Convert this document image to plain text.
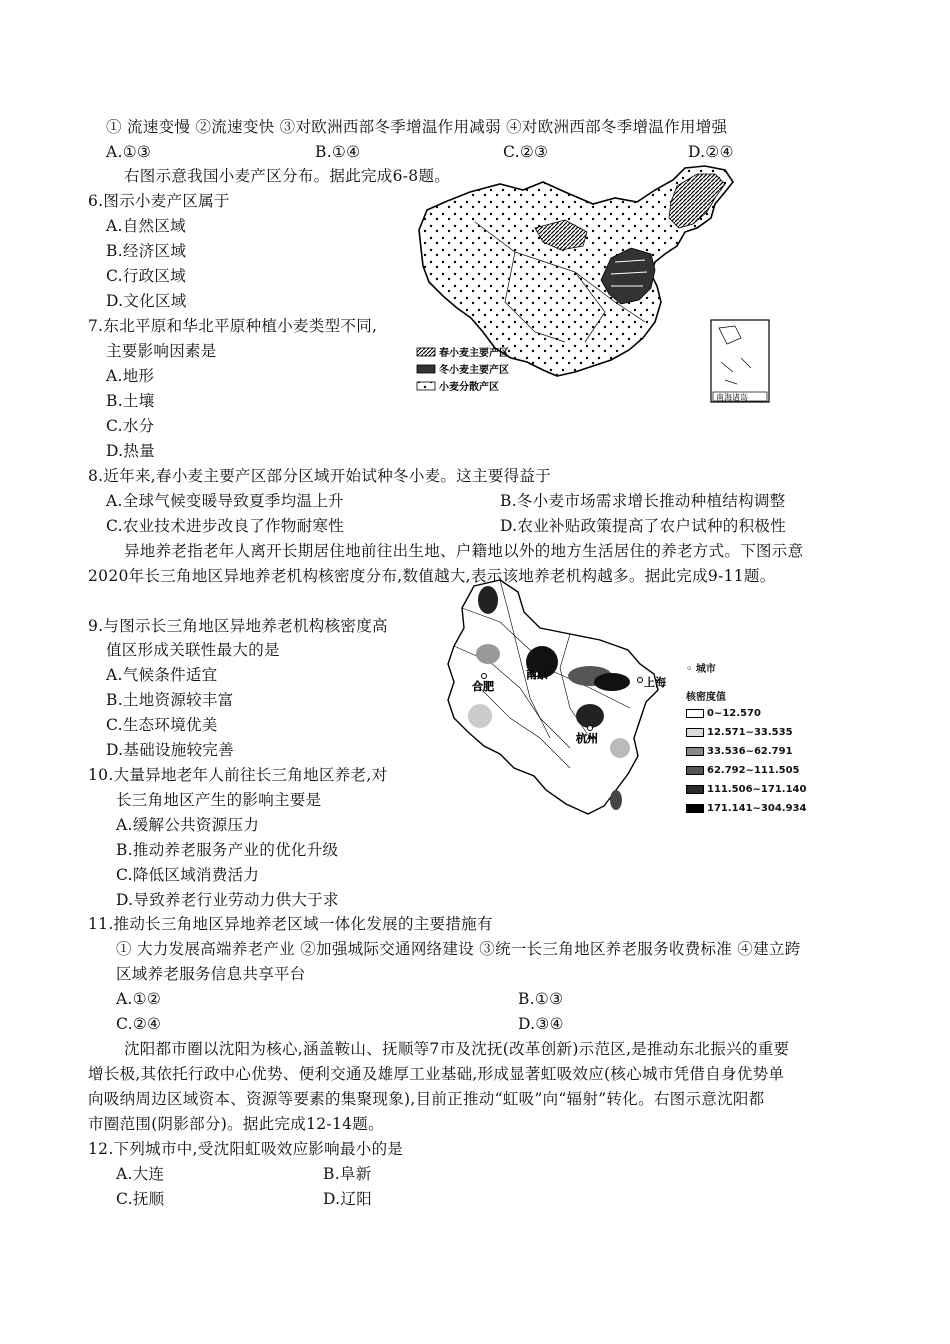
① 流速变慢 ②流速变快 ③对欧洲西部冬季增温作用减弱 ④对欧洲西部冬季增温作用增强
A.①③	B.①④	C.②③	D.②④
右图示意我国小麦产区分布。据此完成6-8题。
6.图示小麦产区属于
A.自然区域
B.经济区域
C.行政区域
D.文化区域
7.东北平原和华北平原种植小麦类型不同,
主要影响因素是
A.地形
B.土壤
C.水分
D.热量
8.近年来,春小麦主要产区部分区域开始试种冬小麦。这主要得益于
A.全球气候变暖导致夏季均温上升	B.冬小麦市场需求增长推动种植结构调整
C.农业技术进步改良了作物耐寒性	D.农业补贴政策提高了农户试种的积极性
春小麦主要产区
冬小麦主要产区
小麦分散产区
南海诸岛
异地养老指老年人离开长期居住地前往出生地、户籍地以外的地方生活居住的养老方式。下图示意
2020年长三角地区异地养老机构核密度分布,数值越大,表示该地养老机构越多。据此完成9-11题。
9.与图示长三角地区异地养老机构核密度高
值区形成关联性最大的是
A.气候条件适宜
B.土地资源较丰富
C.生态环境优美
D.基础设施较完善
10.大量异地老年人前往长三角地区养老,对
长三角地区产生的影响主要是
A.缓解公共资源压力
B.推动养老服务产业的优化升级
C.降低区域消费活力
D.导致养老行业劳动力供大于求
合肥
南京
上海
杭州
◦ 城市
核密度值
0~12.570
12.571~33.535
33.536~62.791
62.792~111.505
111.506~171.140
171.141~304.934
11.推动长三角地区异地养老区域一体化发展的主要措施有
① 大力发展高端养老产业 ②加强城际交通网络建设 ③统一长三角地区养老服务收费标准 ④建立跨
区域养老服务信息共享平台
A.①②	B.①③
C.②④	D.③④
沈阳都市圈以沈阳为核心,涵盖鞍山、抚顺等7市及沈抚(改革创新)示范区,是推动东北振兴的重要
增长极,其依托行政中心优势、便利交通及雄厚工业基础,形成显著虹吸效应(核心城市凭借自身优势单
向吸纳周边区域资本、资源等要素的集聚现象),目前正推动“虹吸”向“辐射”转化。右图示意沈阳都
市圈范围(阴影部分)。据此完成12-14题。
12.下列城市中,受沈阳虹吸效应影响最小的是
A.大连	B.阜新
C.抚顺	D.辽阳
